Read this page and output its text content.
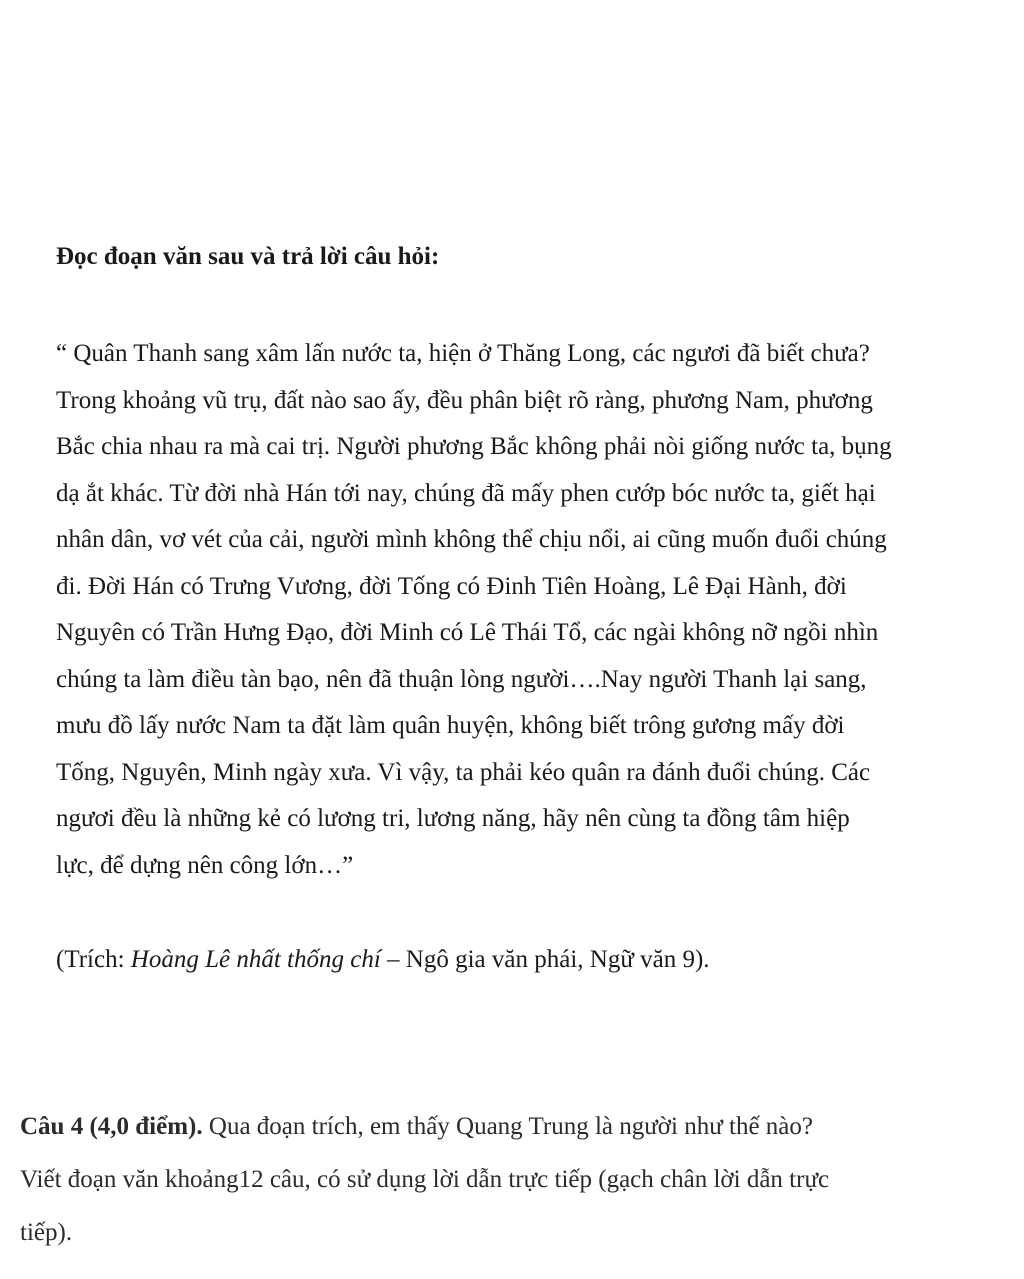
Đọc đoạn văn sau và trả lời câu hỏi:
“ Quân Thanh sang xâm lấn nước ta, hiện ở Thăng Long, các ngươi đã biết chưa?
Trong khoảng vũ trụ, đất nào sao ấy, đều phân biệt rõ ràng, phương Nam, phương
Bắc chia nhau ra mà cai trị. Người phương Bắc không phải nòi giống nước ta, bụng
dạ ắt khác. Từ đời nhà Hán tới nay, chúng đã mấy phen cướp bóc nước ta, giết hại
nhân dân, vơ vét của cải, người mình không thể chịu nổi, ai cũng muốn đuổi chúng
đi. Đời Hán có Trưng Vương, đời Tống có Đinh Tiên Hoàng, Lê Đại Hành, đời
Nguyên có Trần Hưng Đạo, đời Minh có Lê Thái Tổ, các ngài không nỡ ngồi nhìn
chúng ta làm điều tàn bạo, nên đã thuận lòng người….Nay người Thanh lại sang,
mưu đồ lấy nước Nam ta đặt làm quân huyện, không biết trông gương mấy đời
Tống, Nguyên, Minh ngày xưa. Vì vậy, ta phải kéo quân ra đánh đuổi chúng. Các
ngươi đều là những kẻ có lương tri, lương năng, hãy nên cùng ta đồng tâm hiệp
lực, để dựng nên công lớn…”
(Trích: Hoàng Lê nhất thống chí – Ngô gia văn phái, Ngữ văn 9).
Câu 4 (4,0 điểm). Qua đoạn trích, em thấy Quang Trung là người như thế nào?
Viết đoạn văn khoảng12 câu, có sử dụng lời dẫn trực tiếp (gạch chân lời dẫn trực
tiếp).
